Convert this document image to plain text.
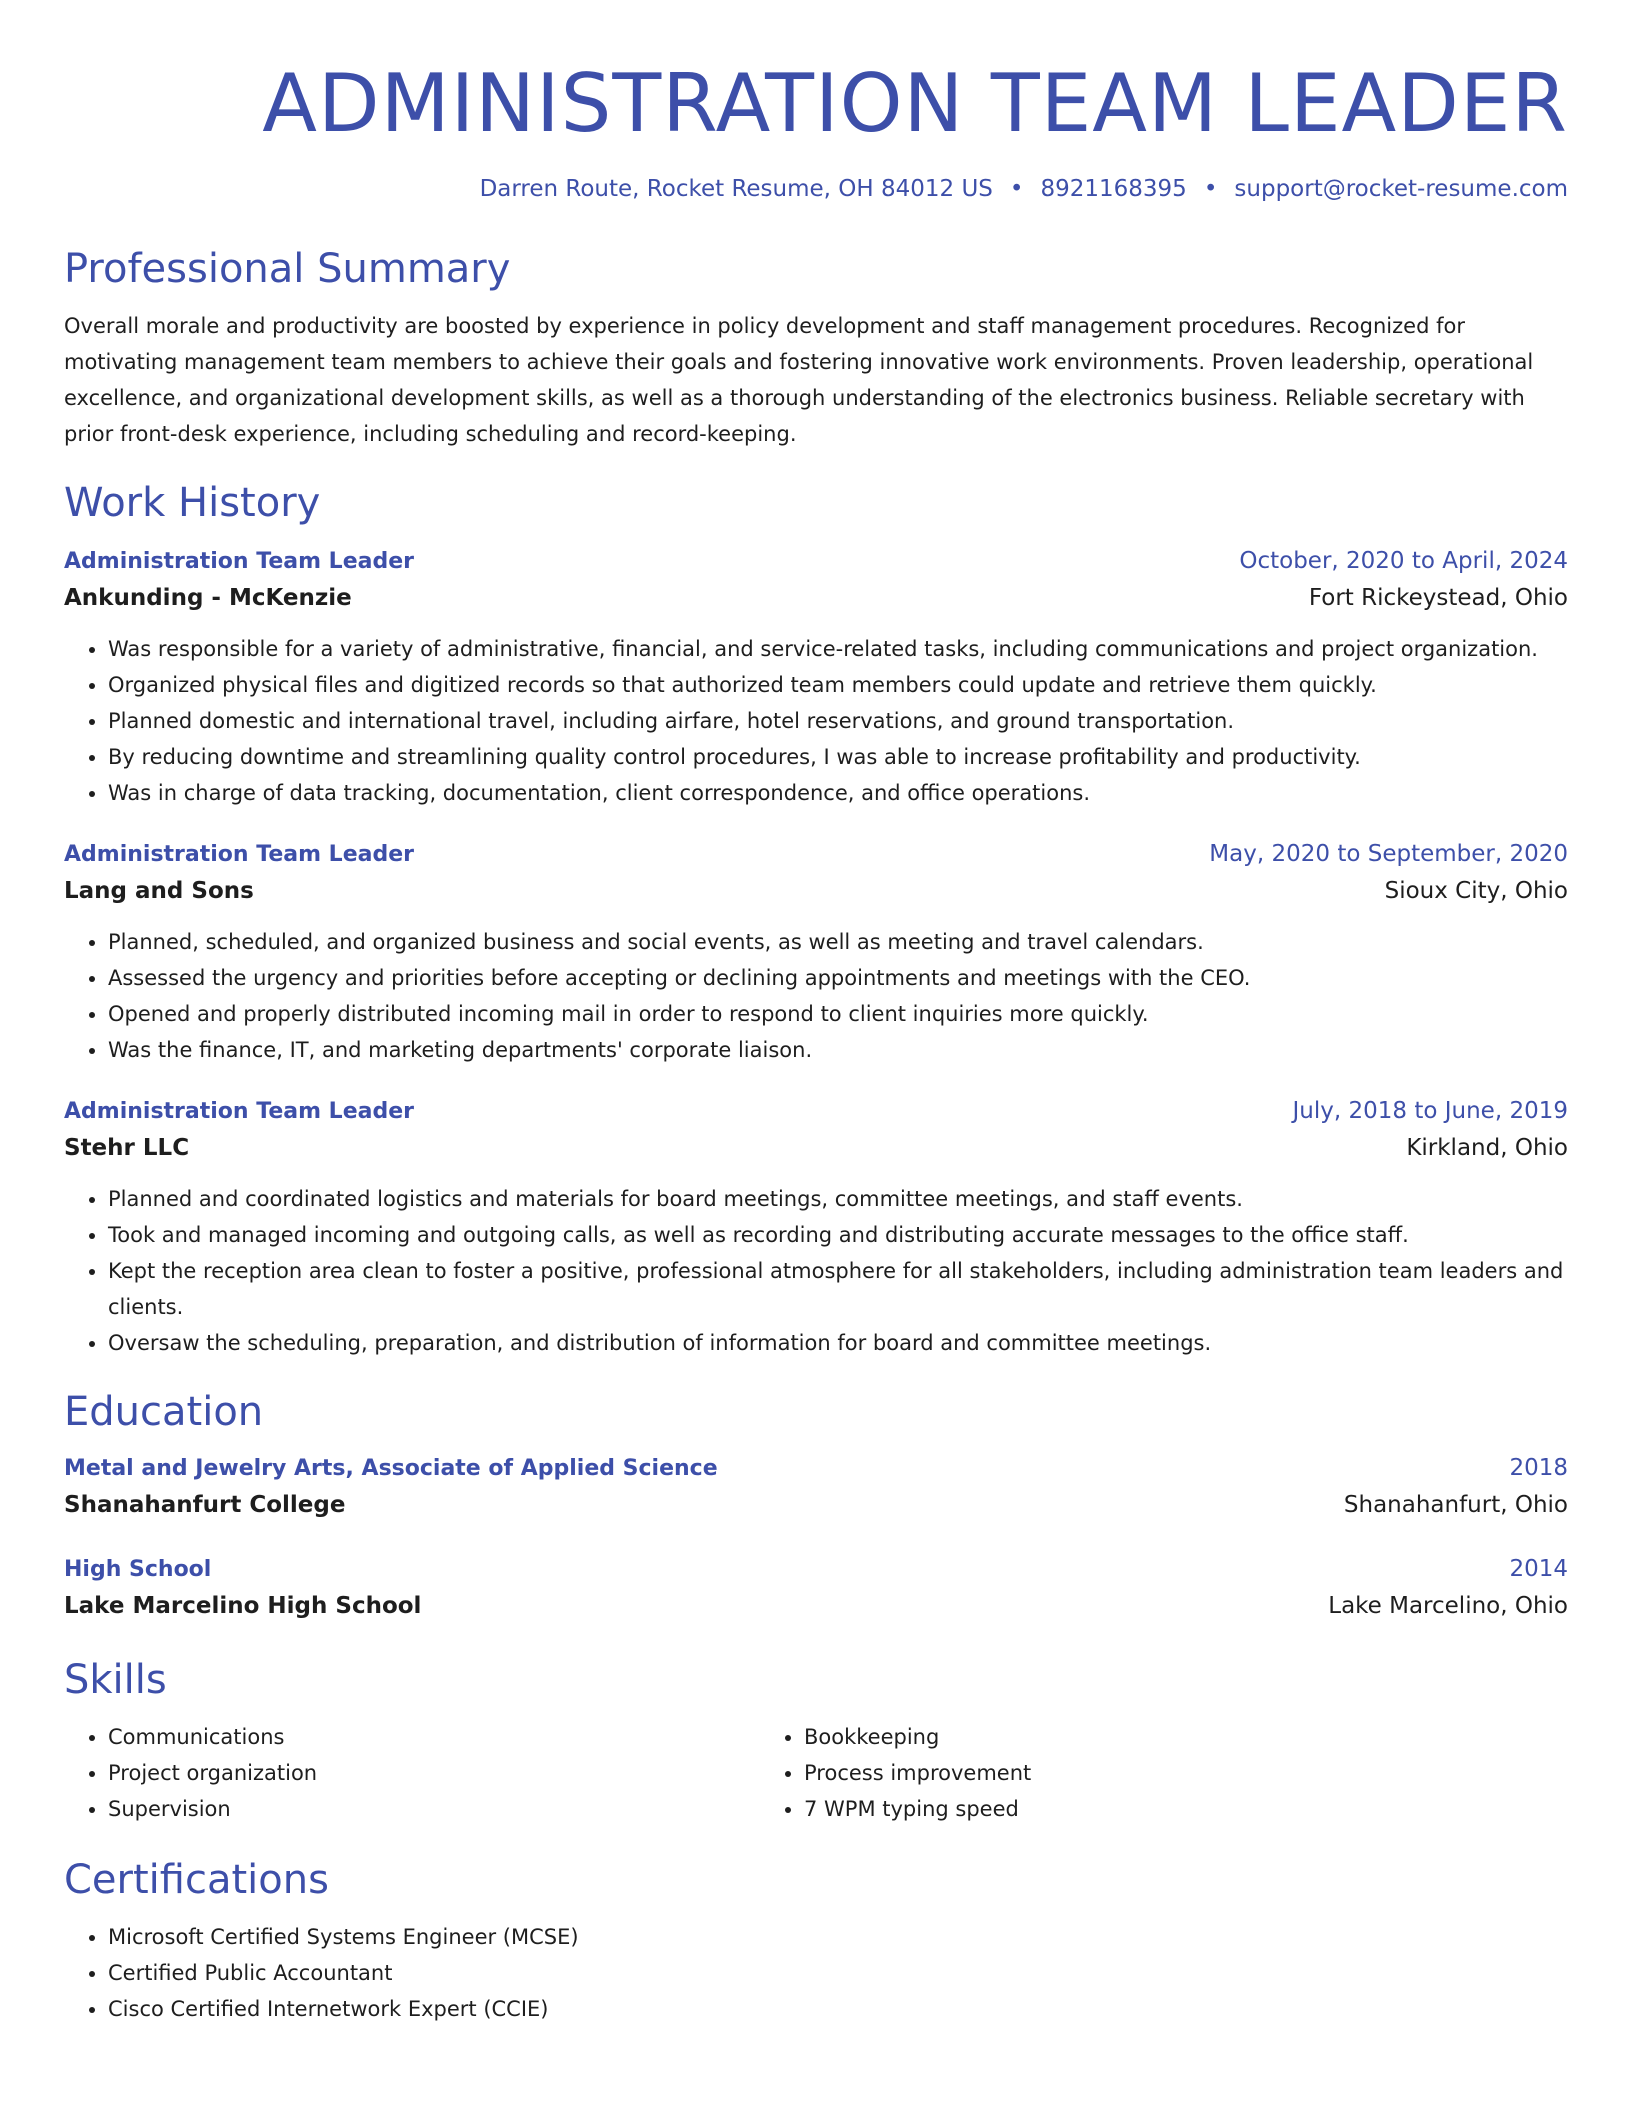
ADMINISTRATION TEAM LEADER
Darren Route, Rocket Resume, OH 84012 US • 8921168395 • support@rocket-resume.com
Professional Summary

Overall morale and productivity are boosted by experience in policy development and staff management procedures. Recognized for motivating management team members to achieve their goals and fostering innovative work environments. Proven leadership, operational excellence, and organizational development skills, as well as a thorough understanding of the electronics business. Reliable secretary with prior front-desk experience, including scheduling and record-keeping.

Work History
Administration Team Leader	October, 2020 to April, 2024
Ankunding - McKenzie	Fort Rickeystead, Ohio
• Was responsible for a variety of administrative, financial, and service-related tasks, including communications and project organization.
• Organized physical files and digitized records so that authorized team members could update and retrieve them quickly.
• Planned domestic and international travel, including airfare, hotel reservations, and ground transportation.
• By reducing downtime and streamlining quality control procedures, I was able to increase profitability and productivity.
• Was in charge of data tracking, documentation, client correspondence, and office operations.
Administration Team Leader	May, 2020 to September, 2020
Lang and Sons	Sioux City, Ohio
• Planned, scheduled, and organized business and social events, as well as meeting and travel calendars.
• Assessed the urgency and priorities before accepting or declining appointments and meetings with the CEO.
• Opened and properly distributed incoming mail in order to respond to client inquiries more quickly.
• Was the finance, IT, and marketing departments' corporate liaison.
Administration Team Leader	July, 2018 to June, 2019
Stehr LLC	Kirkland, Ohio
• Planned and coordinated logistics and materials for board meetings, committee meetings, and staff events.
• Took and managed incoming and outgoing calls, as well as recording and distributing accurate messages to the office staff.
• Kept the reception area clean to foster a positive, professional atmosphere for all stakeholders, including administration team leaders and clients.
• Oversaw the scheduling, preparation, and distribution of information for board and committee meetings.
Education
Metal and Jewelry Arts, Associate of Applied Science	2018
Shanahanfurt College	Shanahanfurt, Ohio
High School	2014
Lake Marcelino High School	Lake Marcelino, Ohio
Skills
• Communications
• Project organization
• Supervision
• Bookkeeping
• Process improvement
• 7 WPM typing speed
Certifications
• Microsoft Certified Systems Engineer (MCSE)
• Certified Public Accountant
• Cisco Certified Internetwork Expert (CCIE)
